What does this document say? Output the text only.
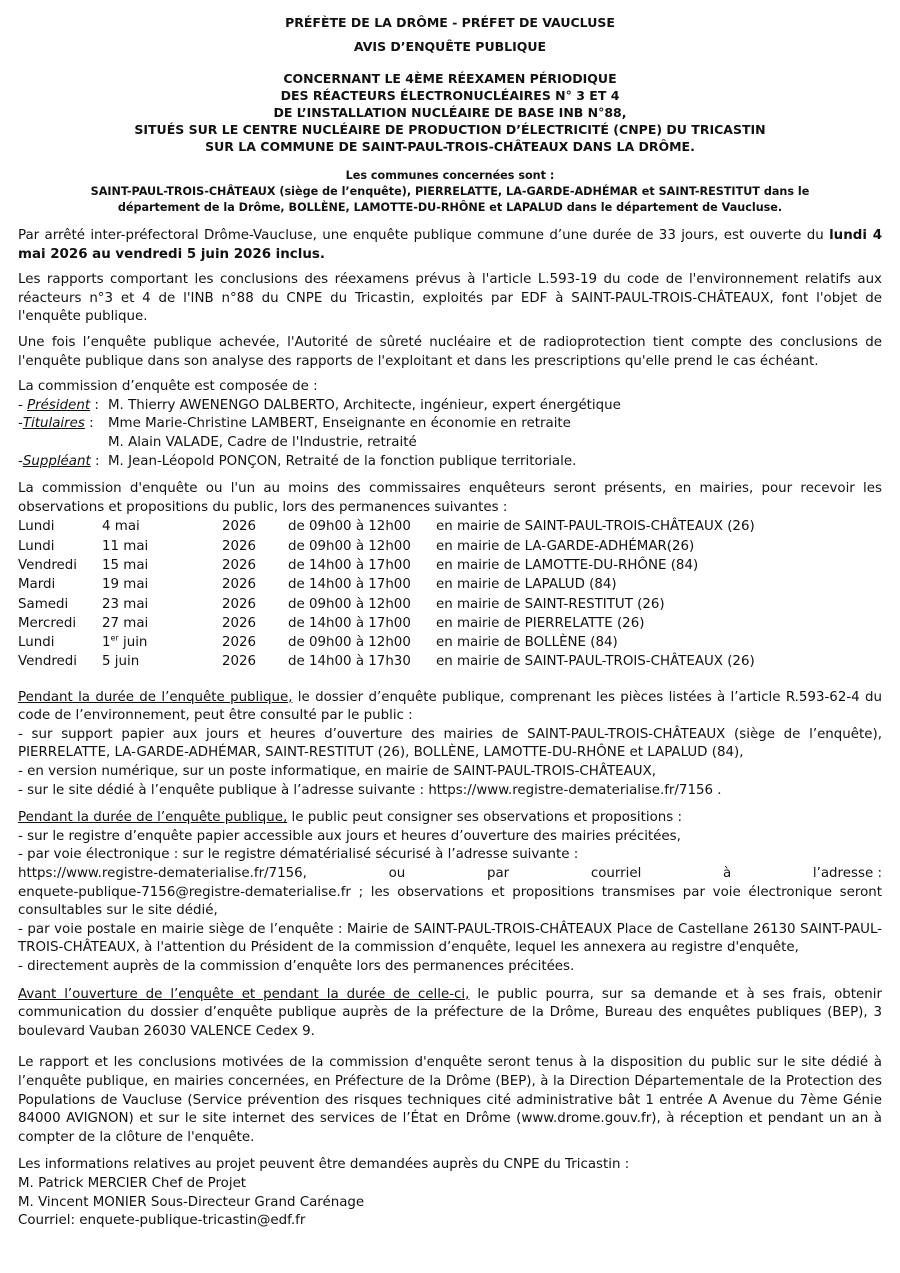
PRÉFÈTE DE LA DRÔME - PRÉFET DE VAUCLUSE
AVIS D’ENQUÊTE PUBLIQUE
CONCERNANT LE 4ÈME RÉEXAMEN PÉRIODIQUE
DES RÉACTEURS ÉLECTRONUCLÉAIRES N° 3 ET 4
DE L’INSTALLATION NUCLÉAIRE DE BASE INB N°88,
SITUÉS SUR LE CENTRE NUCLÉAIRE DE PRODUCTION D’ÉLECTRICITÉ (CNPE) DU TRICASTIN
SUR LA COMMUNE DE SAINT-PAUL-TROIS-CHÂTEAUX DANS LA DRÔME.
Les communes concernées sont :
SAINT-PAUL-TROIS-CHÂTEAUX (siège de l’enquête), PIERRELATTE, LA-GARDE-ADHÉMAR et SAINT-RESTITUT dans le
département de la Drôme, BOLLÈNE, LAMOTTE-DU-RHÔNE et LAPALUD dans le département de Vaucluse.
Par arrêté inter-préfectoral Drôme-Vaucluse, une enquête publique commune d’une durée de 33 jours, est ouverte du lundi 4 mai 2026 au vendredi 5 juin 2026 inclus.
Les rapports comportant les conclusions des réexamens prévus à l'article L.593-19 du code de l'environnement relatifs aux réacteurs n°3 et 4 de l'INB n°88 du CNPE du Tricastin, exploités par EDF à SAINT-PAUL-TROIS-CHÂTEAUX, font l'objet de l'enquête publique.
Une fois l’enquête publique achevée, l'Autorité de sûreté nucléaire et de radioprotection tient compte des conclusions de l'enquête publique dans son analyse des rapports de l'exploitant et dans les prescriptions qu'elle prend le cas échéant.
La commission d’enquête est composée de :
- Président : M. Thierry AWENENGO DALBERTO, Architecte, ingénieur, expert énergétique
-Titulaires :	Mme Marie-Christine LAMBERT, Enseignante en économie en retraite
M. Alain VALADE, Cadre de l'Industrie, retraité
-Suppléant : M. Jean-Léopold PONÇON, Retraité de la fonction publique territoriale.
La commission d'enquête ou l'un au moins des commissaires enquêteurs seront présents, en mairies, pour recevoir les observations et propositions du public, lors des permanences suivantes :
Lundi	4 mai	2026	de 09h00 à 12h00	en mairie de SAINT-PAUL-TROIS-CHÂTEAUX (26)
Lundi	11 mai	2026	de 09h00 à 12h00	en mairie de LA-GARDE-ADHÉMAR(26)
Vendredi	15 mai	2026	de 14h00 à 17h00	en mairie de LAMOTTE-DU-RHÔNE (84)
Mardi	19 mai	2026	de 14h00 à 17h00	en mairie de LAPALUD (84)
Samedi	23 mai	2026	de 09h00 à 12h00	en mairie de SAINT-RESTITUT (26)
Mercredi	27 mai	2026	de 14h00 à 17h00	en mairie de PIERRELATTE (26)
Lundi	1er juin	2026	de 09h00 à 12h00	en mairie de BOLLÈNE (84)
Vendredi	5 juin	2026	de 14h00 à 17h30	en mairie de SAINT-PAUL-TROIS-CHÂTEAUX (26)
Pendant la durée de l’enquête publique, le dossier d’enquête publique, comprenant les pièces listées à l’article R.593-62-4 du code de l’environnement, peut être consulté par le public :
- sur support papier aux jours et heures d’ouverture des mairies de SAINT-PAUL-TROIS-CHÂTEAUX (siège de l’enquête), PIERRELATTE, LA-GARDE-ADHÉMAR, SAINT-RESTITUT (26), BOLLÈNE, LAMOTTE-DU-RHÔNE et LAPALUD (84),
- en version numérique, sur un poste informatique, en mairie de SAINT-PAUL-TROIS-CHÂTEAUX,
- sur le site dédié à l’enquête publique à l’adresse suivante : https://www.registre-dematerialise.fr/7156 .
Pendant la durée de l’enquête publique, le public peut consigner ses observations et propositions :
- sur le registre d’enquête papier accessible aux jours et heures d’ouverture des mairies précitées,
- par voie électronique : sur le registre dématérialisé sécurisé à l’adresse suivante :
https://www.registre-dematerialise.fr/7156,	ou	par	courriel	à	l’adresse :
enquete-publique-7156@registre-dematerialise.fr ; les observations et propositions transmises par voie électronique seront consultables sur le site dédié,
- par voie postale en mairie siège de l’enquête : Mairie de SAINT-PAUL-TROIS-CHÂTEAUX Place de Castellane 26130 SAINT-PAUL-TROIS-CHÂTEAUX, à l'attention du Président de la commission d’enquête, lequel les annexera au registre d'enquête,
- directement auprès de la commission d’enquête lors des permanences précitées.
Avant l’ouverture de l’enquête et pendant la durée de celle-ci, le public pourra, sur sa demande et à ses frais, obtenir communication du dossier d’enquête publique auprès de la préfecture de la Drôme, Bureau des enquêtes publiques (BEP), 3 boulevard Vauban 26030 VALENCE Cedex 9.
Le rapport et les conclusions motivées de la commission d'enquête seront tenus à la disposition du public sur le site dédié à l’enquête publique, en mairies concernées, en Préfecture de la Drôme (BEP), à la Direction Départementale de la Protection des Populations de Vaucluse (Service prévention des risques techniques cité administrative bât 1 entrée A Avenue du 7ème Génie 84000 AVIGNON) et sur le site internet des services de l’État en Drôme (www.drome.gouv.fr), à réception et pendant un an à compter de la clôture de l'enquête.
Les informations relatives au projet peuvent être demandées auprès du CNPE du Tricastin :
M. Patrick MERCIER Chef de Projet
M. Vincent MONIER Sous-Directeur Grand Carénage
Courriel: enquete-publique-tricastin@edf.fr
